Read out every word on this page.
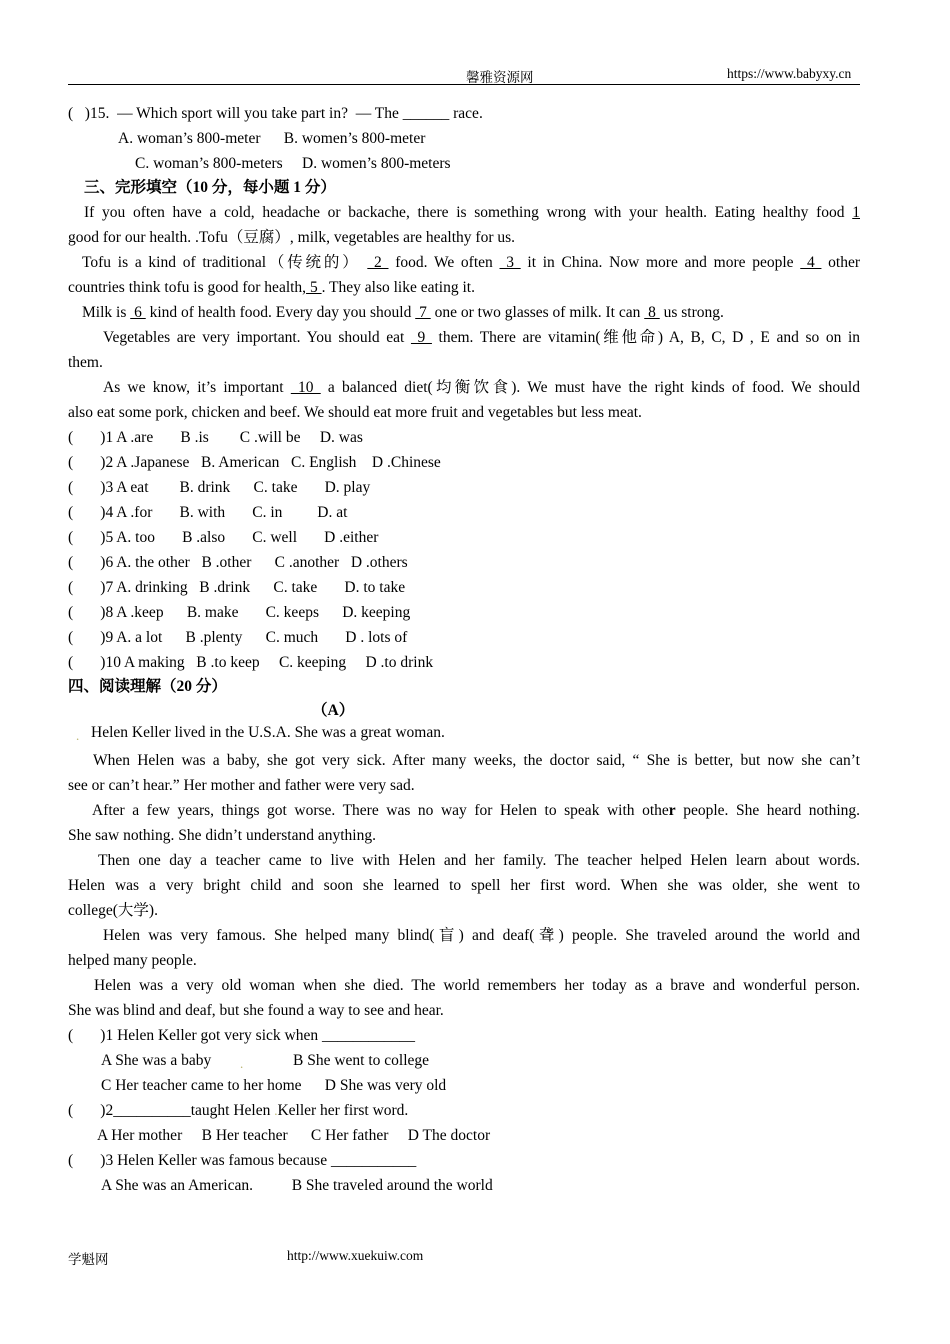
馨雅资源网	https://www.babyxy.cn
(   )15.  — Which sport will you take part in?  — The ______ race.
A. woman’s 800-meter      B. women’s 800-meter
C. woman’s 800-meters     D. women’s 800-meters
三、完形填空（10 分，每小题 1 分）
If you often have a cold, headache or backache, there is something wrong with your health. Eating healthy food 1
good for our health. .Tofu（豆腐）, milk, vegetables are healthy for us.
Tofu is a kind of traditional（传统的）  2  food. We often  3  it in China. Now more and more people  4  other
countries think tofu is good for health, 5 . They also like eating it.
Milk is  6  kind of health food. Every day you should  7  one or two glasses of milk. It can  8  us strong.
Vegetables are very important. You should eat  9  them. There are vitamin(维他命) A, B, C, D , E and so on in
them.
As we know, it’s important  10  a balanced diet(均衡饮食). We must have the right kinds of food. We should
also eat some pork, chicken and beef. We should eat more fruit and vegetables but less meat.
(       )1 A .are       B .is        C .will be     D. was
(       )2 A .Japanese   B. American   C. English    D .Chinese
(       )3 A eat        B. drink      C. take       D. play
(       )4 A .for       B. with       C. in         D. at
(       )5 A. too       B .also       C. well       D .either
(       )6 A. the other   B .other      C .another   D .others
(       )7 A. drinking   B .drink      C. take       D. to take
(       )8 A .keep      B. make       C. keeps      D. keeping
(       )9 A. a lot      B .plenty      C. much       D . lots of
(       )10 A making   B .to keep     C. keeping     D .to drink
四、阅读理解（20 分）
（A）
. Helen Keller lived in the U.S.A. She was a great woman.
When Helen was a baby, she got very sick. After many weeks, the doctor said, “ She is better, but now she can’t
see or can’t hear.” Her mother and father were very sad.
After a few years, things got worse. There was no way for Helen to speak with other people. She heard nothing.
She saw nothing. She didn’t understand anything.
Then one day a teacher came to live with Helen and her family. The teacher helped Helen learn about words.
Helen was a very bright child and soon she learned to spell her first word. When she was older, she went to
college(大学).
Helen was very famous. She helped many blind(盲) and deaf(聋) people. She traveled around the world and
helped many people.
Helen was a very old woman when she died. The world remembers her today as a brave and wonderful person.
She was blind and deaf, but she found a way to see and hear.
(       )1 Helen Keller got very sick when ____________
A She was a baby .	B She went to college
C Her teacher came to her home      D She was very old
(       )2__________taught Helen .Keller her first word.
A Her mother     B Her teacher      C Her father     D The doctor
(       )3 Helen Keller was famous because ___________
A She was an American.          B She traveled around the world
学魁网	http://www.xuekuiw.com
